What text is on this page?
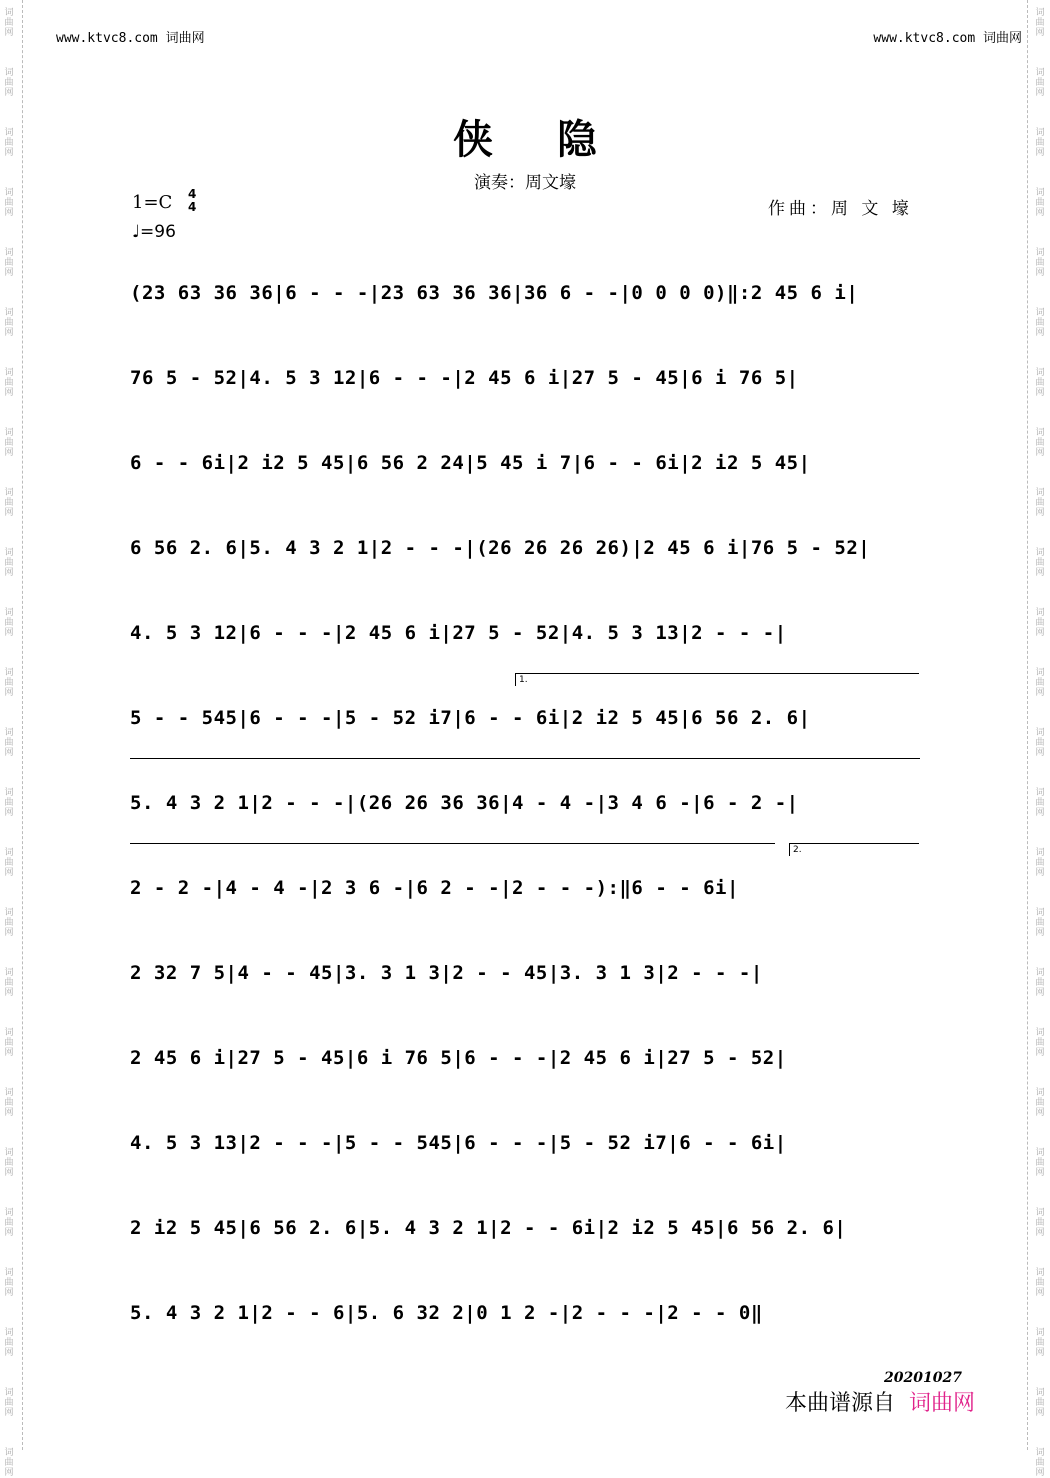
词
曲
网
词
曲
网
词
曲
网
词
曲
网
词
曲
网
词
曲
网
词
曲
网
词
曲
网
词
曲
网
词
曲
网
词
曲
网
词
曲
网
词
曲
网
词
曲
网
词
曲
网
词
曲
网
词
曲
网
词
曲
网
词
曲
网
词
曲
网
词
曲
网
词
曲
网
词
曲
网
词
曲
网
词
曲
网
词
曲
网
词
曲
网
词
曲
网
词
曲
网
词
曲
网
词
曲
网
词
曲
网
词
曲
网
词
曲
网
词
曲
网
词
曲
网
词
曲
网
词
曲
网
词
曲
网
词
曲
网
词
曲
网
词
曲
网
词
曲
网
词
曲
网
词
曲
网
词
曲
网
词
曲
网
词
曲
网
词
曲
网
词
曲
网
www.ktvc8.com 词曲网	www.ktvc8.com 词曲网
侠隐
演奏：周文壕
1=C 4
4
♩=96
作曲：周 文 壕
(23 63 36 36|6 - - -|23 63 36 36|36 6 - -|0 0 0 0)‖:2 45 6 i|
76 5 - 52|4. 5 3 12|6 - - -|2 45 6 i|27 5 - 45|6 i 76 5|
6 - - 6i|2 i2 5 45|6 56 2 24|5 45 i 7|6 - - 6i|2 i2 5 45|
6 56 2. 6|5. 4 3 2 1|2 - - -|(26 26 26 26)|2 45 6 i|76 5 - 52|
4. 5 3 12|6 - - -|2 45 6 i|27 5 - 52|4. 5 3 13|2 - - -|
1.
5 - - 545|6 - - -|5 - 52 i7|6 - - 6i|2 i2 5 45|6 56 2. 6|
5. 4 3 2 1|2 - - -|(26 26 36 36|4 - 4 -|3 4 6 -|6 - 2 -|
2.
2 - 2 -|4 - 4 -|2 3 6 -|6 2 - -|2 - - -):‖6 - - 6i|
2 32 7 5|4 - - 45|3. 3 1 3|2 - - 45|3. 3 1 3|2 - - -|
2 45 6 i|27 5 - 45|6 i 76 5|6 - - -|2 45 6 i|27 5 - 52|
4. 5 3 13|2 - - -|5 - - 545|6 - - -|5 - 52 i7|6 - - 6i|
2 i2 5 45|6 56 2. 6|5. 4 3 2 1|2 - - 6i|2 i2 5 45|6 56 2. 6|
5. 4 3 2 1|2 - - 6|5. 6 32 2|0 1 2 -|2 - - -|2 - - 0‖
20201027
本曲谱源自 词曲网
